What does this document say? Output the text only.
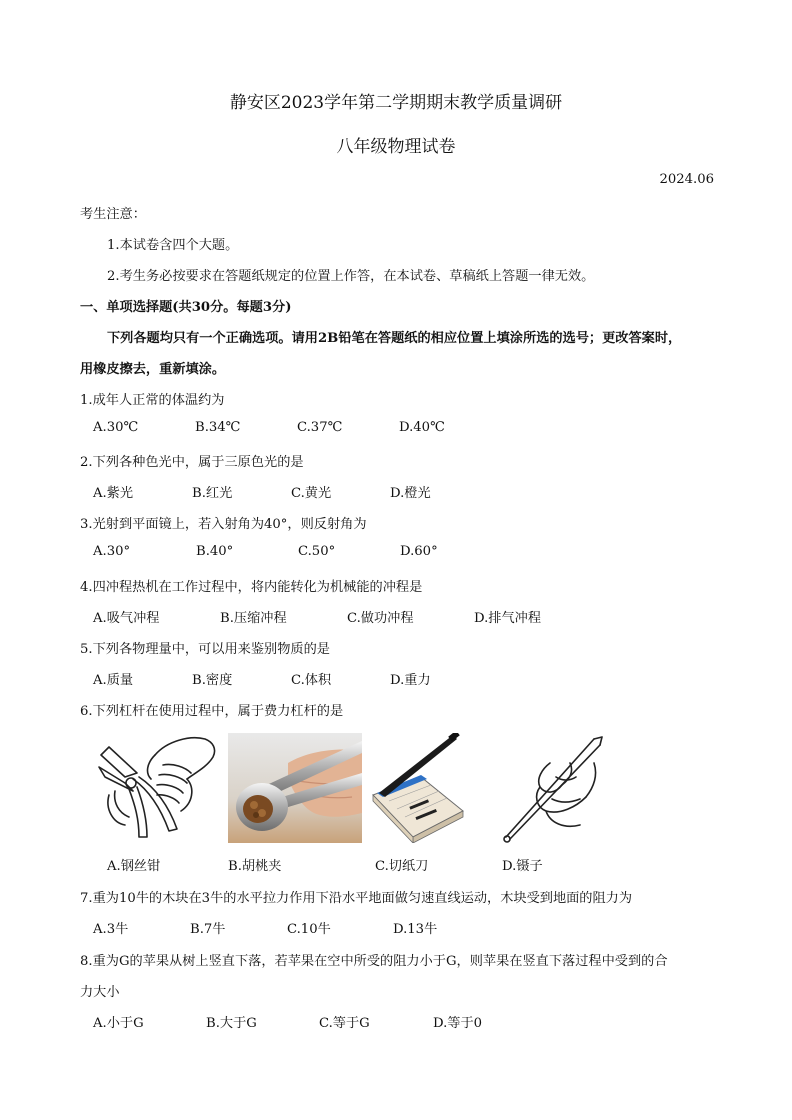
静安区2023学年第二学期期末教学质量调研
八年级物理试卷
2024.06
考生注意：
1.本试卷含四个大题。
2.考生务必按要求在答题纸规定的位置上作答，在本试卷、草稿纸上答题一律无效。
一、单项选择题(共30分。每题3分)
下列各题均只有一个正确选项。请用2B铅笔在答题纸的相应位置上填涂所选的选号；更改答案时，
用橡皮擦去，重新填涂。
1.成年人正常的体温约为
A.30℃	B.34℃	C.37℃	D.40℃
2.下列各种色光中，属于三原色光的是
A.紫光	B.红光	C.黄光	D.橙光
3.光射到平面镜上，若入射角为40°，则反射角为
A.30°	B.40°	C.50°	D.60°
4.四冲程热机在工作过程中，将内能转化为机械能的冲程是
A.吸气冲程	B.压缩冲程	C.做功冲程	D.排气冲程
5.下列各物理量中，可以用来鉴别物质的是
A.质量	B.密度	C.体积	D.重力
6.下列杠杆在使用过程中，属于费力杠杆的是
A.钢丝钳	B.胡桃夹	C.切纸刀	D.镊子
7.重为10牛的木块在3牛的水平拉力作用下沿水平地面做匀速直线运动，木块受到地面的阻力为
A.3牛	B.7牛	C.10牛	D.13牛
8.重为G的苹果从树上竖直下落，若苹果在空中所受的阻力小于G，则苹果在竖直下落过程中受到的合
力大小
A.小于G	B.大于G	C.等于G	D.等于0
